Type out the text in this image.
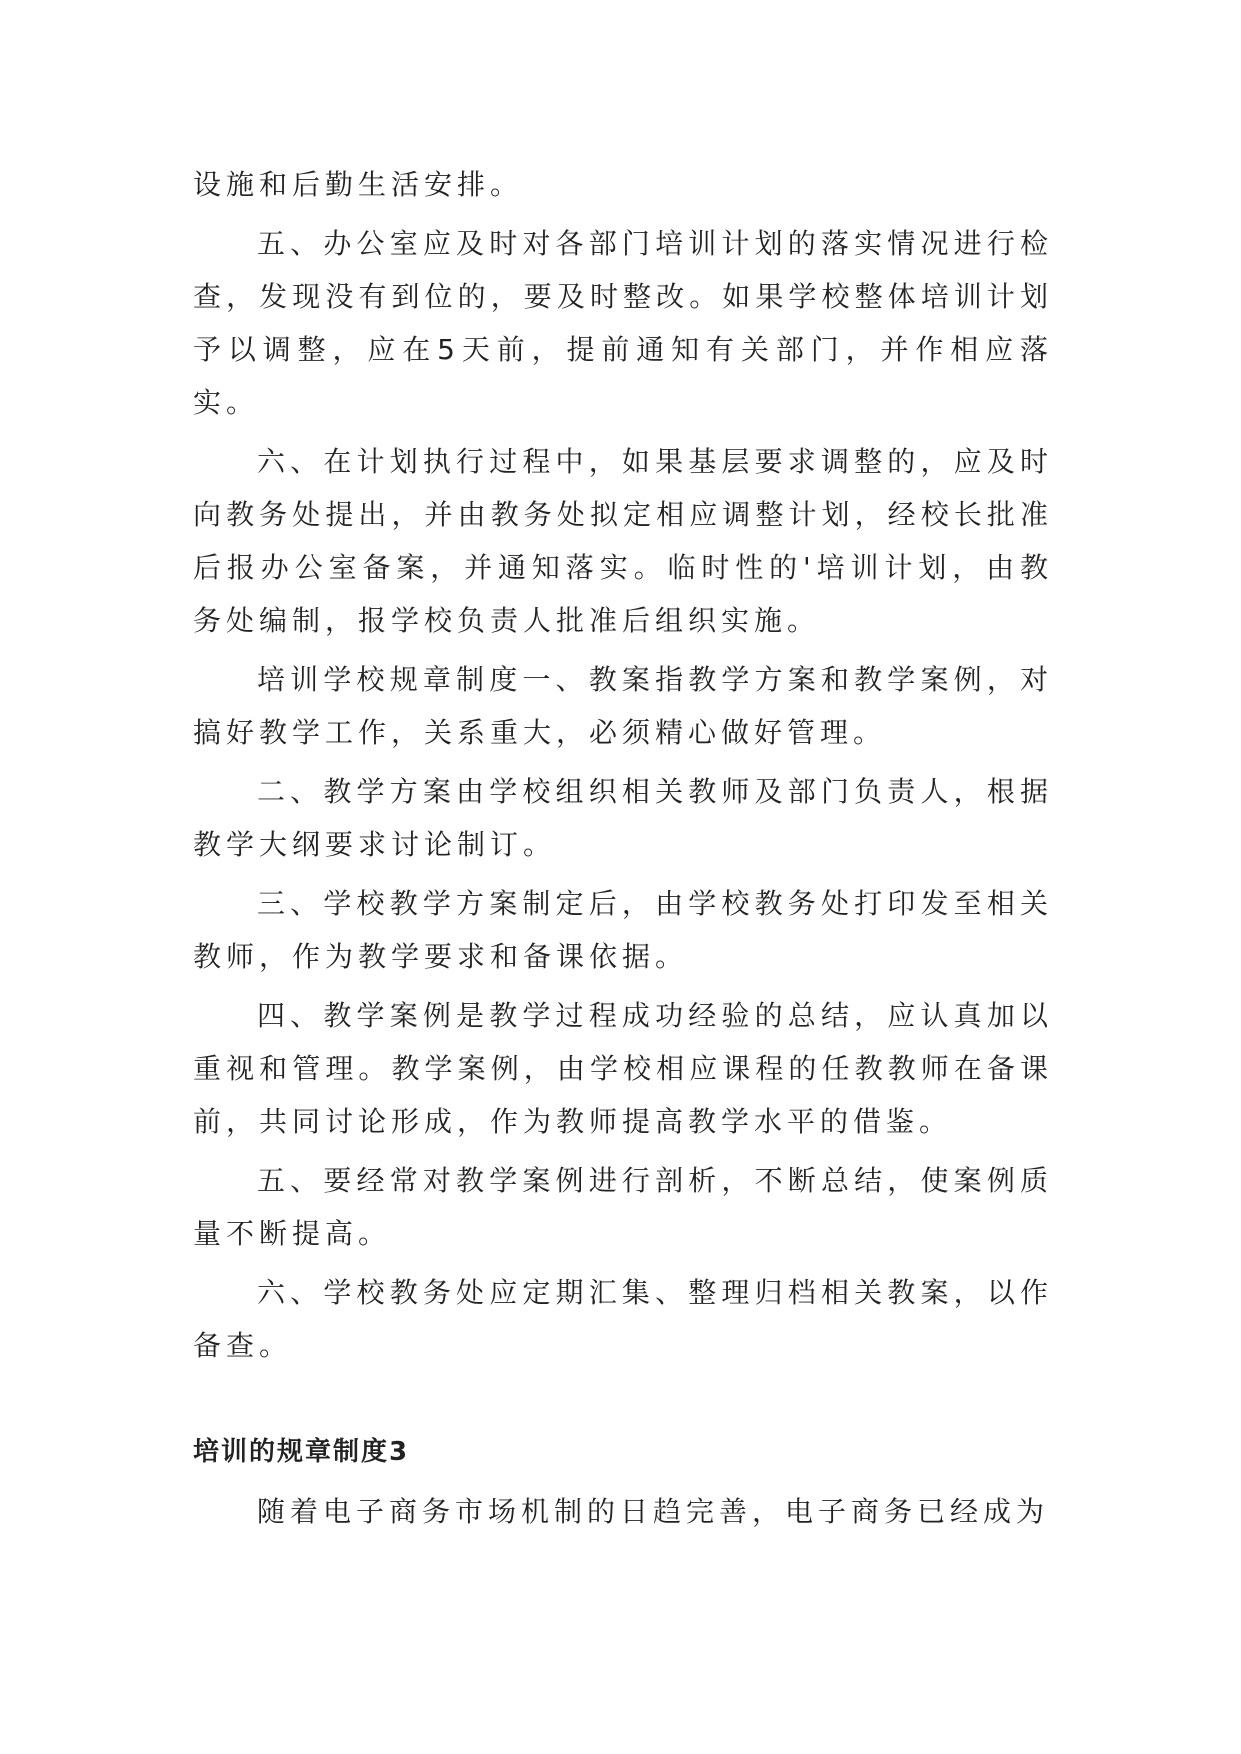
设施和后勤生活安排。

五、办公室应及时对各部门培训计划的落实情况进行检查，发现没有到位的，要及时整改。如果学校整体培训计划予以调整，应在5天前，提前通知有关部门，并作相应落实。

六、在计划执行过程中，如果基层要求调整的，应及时向教务处提出，并由教务处拟定相应调整计划，经校长批准后报办公室备案，并通知落实。临时性的'培训计划，由教务处编制，报学校负责人批准后组织实施。

培训学校规章制度一、教案指教学方案和教学案例，对搞好教学工作，关系重大，必须精心做好管理。

二、教学方案由学校组织相关教师及部门负责人，根据教学大纲要求讨论制订。

三、学校教学方案制定后，由学校教务处打印发至相关教师，作为教学要求和备课依据。

四、教学案例是教学过程成功经验的总结，应认真加以重视和管理。教学案例，由学校相应课程的任教教师在备课前，共同讨论形成，作为教师提高教学水平的借鉴。

五、要经常对教学案例进行剖析，不断总结，使案例质量不断提高。

六、学校教务处应定期汇集、整理归档相关教案，以作备查。

培训的规章制度3

随着电子商务市场机制的日趋完善，电子商务已经成为
